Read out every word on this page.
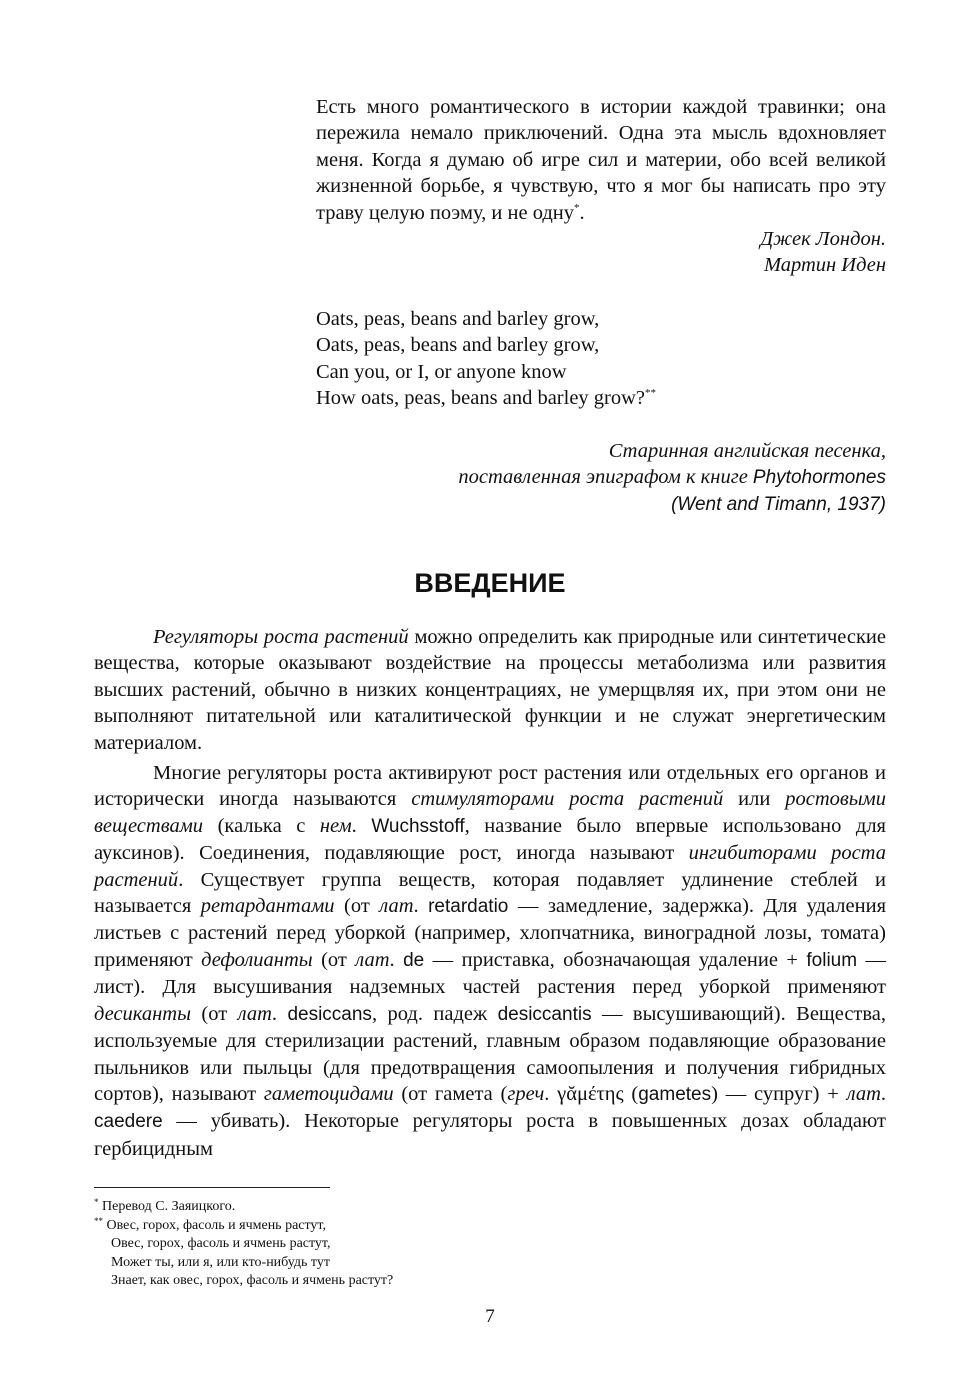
Есть много романтического в истории каждой травинки; она пережила немало приключений. Одна эта мысль вдохновляет меня. Когда я думаю об игре сил и материи, обо всей великой жизненной борьбе, я чувствую, что я мог бы написать про эту траву целую поэму, и не одну*.

Джек Лондон.
Мартин Иден
Oats, peas, beans and barley grow,
Oats, peas, beans and barley grow,
Can you, or I, or anyone know
How oats, peas, beans and barley grow?**
Старинная английская песенка,
поставленная эпиграфом к книге Phytohormones
(Went and Timann, 1937)
ВВЕДЕНИЕ

Регуляторы роста растений можно определить как природные или синтетические вещества, которые оказывают воздействие на процессы метаболизма или развития высших растений, обычно в низких концентрациях, не умерщвляя их, при этом они не выполняют питательной или каталитической функции и не служат энергетическим материалом.

Многие регуляторы роста активируют рост растения или отдельных его органов и исторически иногда называются стимуляторами роста растений или ростовыми веществами (калька с нем. Wuchsstoff, название было впервые использовано для ауксинов). Соединения, подавляющие рост, иногда называют ингибиторами роста растений. Существует группа веществ, которая подавляет удлинение стеблей и называется ретардантами (от лат. retardatio — замедление, задержка). Для удаления листьев с растений перед уборкой (например, хлопчатника, виноградной лозы, томата) применяют дефолианты (от лат. de — приставка, обозначающая удаление + folium — лист). Для высушивания надземных частей растения перед уборкой применяют десиканты (от лат. desiccans, род. падеж desiccantis — высушивающий). Вещества, используемые для стерилизации растений, главным образом подавляющие образование пыльников или пыльцы (для предотвращения самоопыления и получения гибридных сортов), называют гаметоцидами (от гамета (греч. γᾰμέτης (gametes) — супруг) + лат. caedere — убивать). Некоторые регуляторы роста в повышенных дозах обладают гербицидным

* Перевод С. Заяицкого.
** Овес, горох, фасоль и ячмень растут,
Овес, горох, фасоль и ячмень растут,
Может ты, или я, или кто-нибудь тут
Знает, как овес, горох, фасоль и ячмень растут?
7
